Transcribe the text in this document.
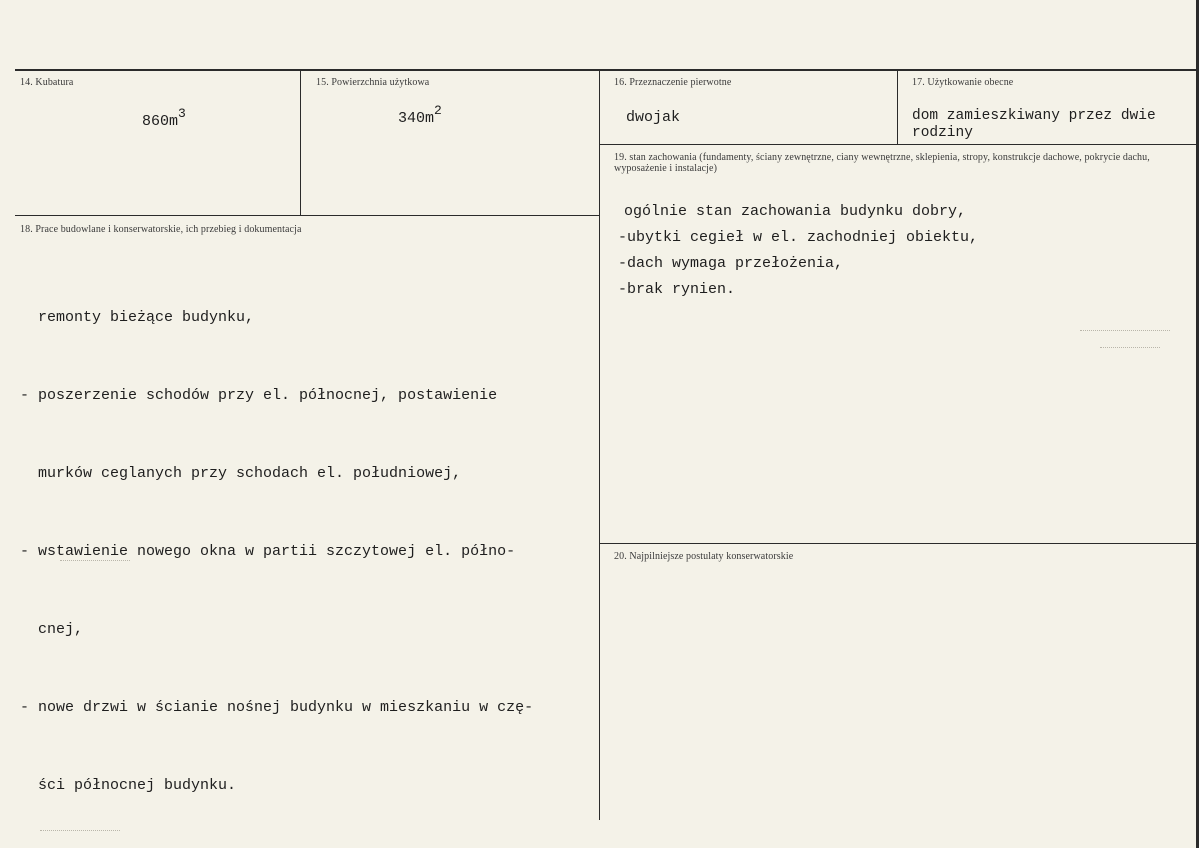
14. Kubatura
$860m^3$
15. Powierzchnia użytkowa
$340m^2$
16. Przeznaczenie pierwotne
dwojak
17. Użytkowanie obecne
dom zamieszkiwany przez dwie
rodziny
19. stan zachowania (fundamenty, ściany zewnętrzne, ciany wewnętrzne, sklepienia, stropy, konstrukcje dachowe, pokrycie dachu, wyposażenie i instalacje)
ogólnie stan zachowania budynku dobry,
-ubytki cegieł w el. zachodniej obiektu,
-dach wymaga przełożenia,
-brak rynien.
18. Prace budowlane i konserwatorskie, ich przebieg i dokumentacja

remonty bieżące budynku,

- poszerzenie schodów przy el. północnej, postawienie

murków ceglanych przy schodach el. południowej,

- wstawienie nowego okna w partii szczytowej el. półno-

cnej,

- nowe drzwi w ścianie nośnej budynku w mieszkaniu w czę-

ści północnej budynku.

20. Najpilniejsze postulaty konserwatorskie
